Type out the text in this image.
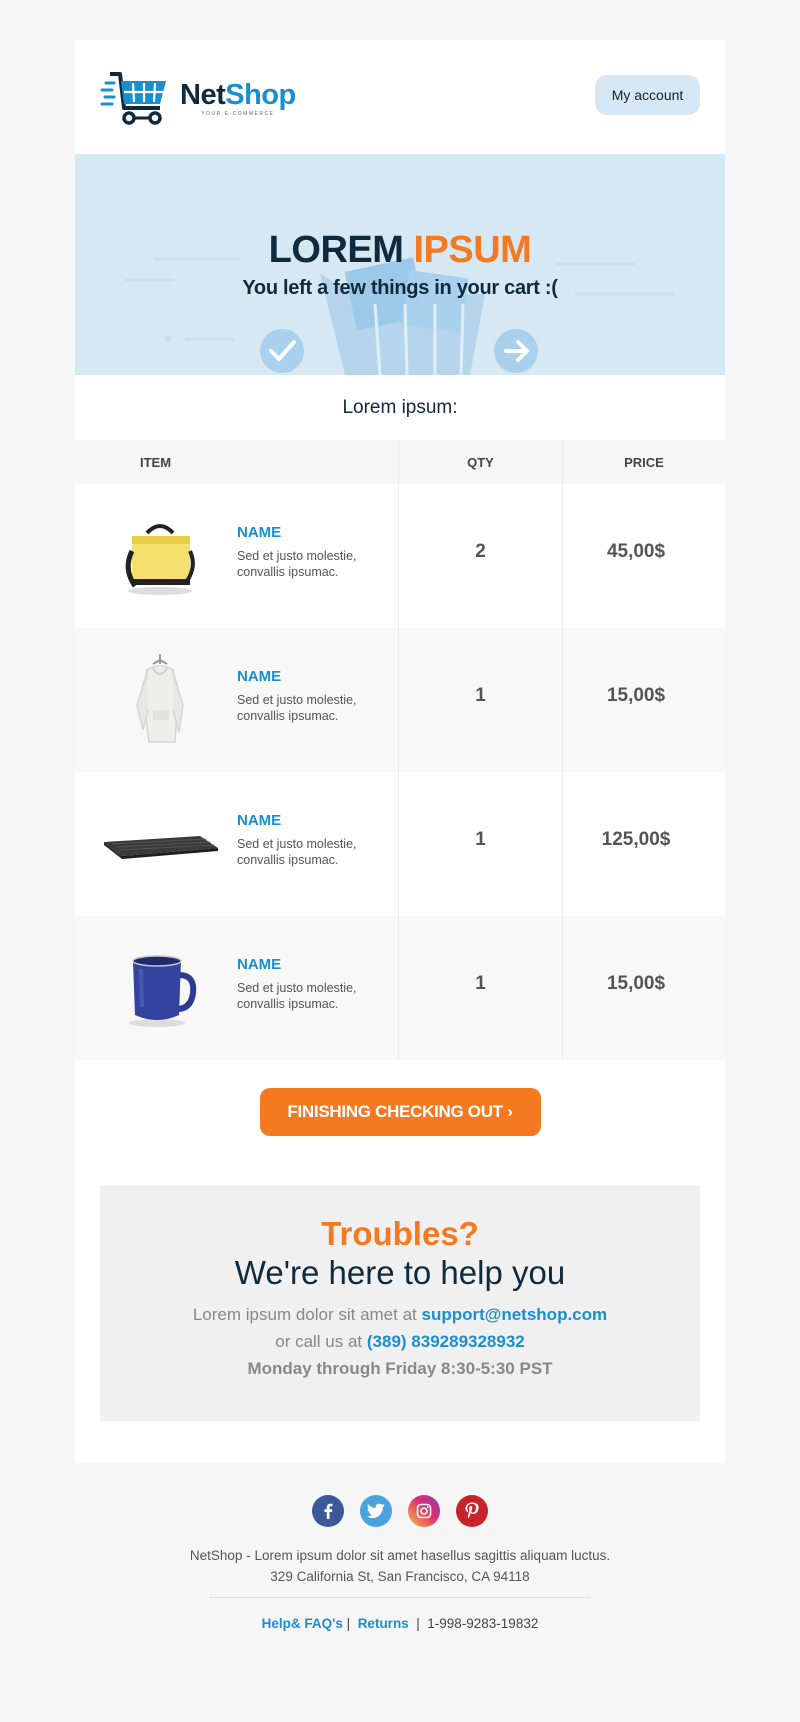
NetShop
YOUR E-COMMERCE
My account
LOREM IPSUM
You left a few things in your cart :(
Lorem ipsum:
ITEM	QTY	PRICE
NAME
Sed et justo molestie, convallis ipsumac.
2	45,00$
NAME
Sed et justo molestie, convallis ipsumac.
1	15,00$
NAME
Sed et justo molestie, convallis ipsumac.
1	125,00$
NAME
Sed et justo molestie, convallis ipsumac.
1	15,00$
FINISHING CHECKING OUT ›
Troubles?
We're here to help you
Lorem ipsum dolor sit amet at support@netshop.com
or call us at (389) 839289328932
Monday through Friday 8:30-5:30 PST
NetShop - Lorem ipsum dolor sit amet hasellus sagittis aliquam luctus.
329 California St, San Francisco, CA 94118
Help& FAQ's | Returns | 1-998-9283-19832
